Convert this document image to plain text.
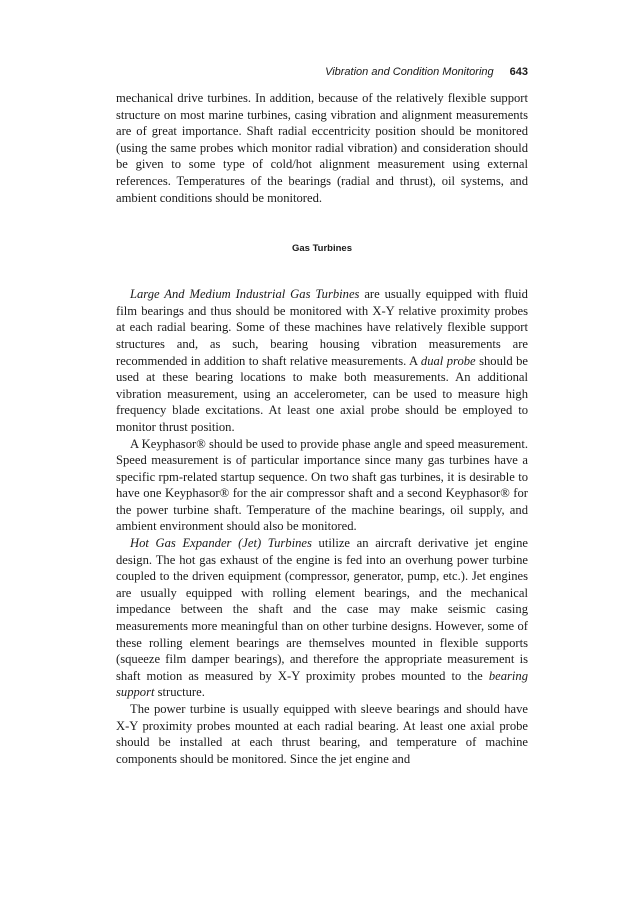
Vibration and Condition Monitoring 643

mechanical drive turbines. In addition, because of the relatively flexible support structure on most marine turbines, casing vibration and alignment measurements are of great importance. Shaft radial eccentricity position should be monitored (using the same probes which monitor radial vibration) and consideration should be given to some type of cold/hot alignment measurement using external references. Temperatures of the bearings (radial and thrust), oil systems, and ambient conditions should be monitored.

Gas Turbines

Large And Medium Industrial Gas Turbines are usually equipped with fluid film bearings and thus should be monitored with X-Y relative proximity probes at each radial bearing. Some of these machines have relatively flexible support structures and, as such, bearing housing vibration measurements are recommended in addition to shaft relative measurements. A dual probe should be used at these bearing locations to make both measurements. An additional vibration measurement, using an accelerometer, can be used to measure high frequency blade excitations. At least one axial probe should be employed to monitor thrust position.

A Keyphasor® should be used to provide phase angle and speed measurement. Speed measurement is of particular importance since many gas turbines have a specific rpm-related startup sequence. On two shaft gas turbines, it is desirable to have one Keyphasor® for the air compressor shaft and a second Keyphasor® for the power turbine shaft. Temperature of the machine bearings, oil supply, and ambient environment should also be monitored.

Hot Gas Expander (Jet) Turbines utilize an aircraft derivative jet engine design. The hot gas exhaust of the engine is fed into an overhung power turbine coupled to the driven equipment (compressor, generator, pump, etc.). Jet engines are usually equipped with rolling element bearings, and the mechanical impedance between the shaft and the case may make seismic casing measurements more meaningful than on other turbine designs. However, some of these rolling element bearings are themselves mounted in flexible supports (squeeze film damper bearings), and therefore the appropriate measurement is shaft motion as measured by X-Y proximity probes mounted to the bearing support structure.

The power turbine is usually equipped with sleeve bearings and should have X-Y proximity probes mounted at each radial bearing. At least one axial probe should be installed at each thrust bearing, and temperature of machine components should be monitored. Since the jet engine and
